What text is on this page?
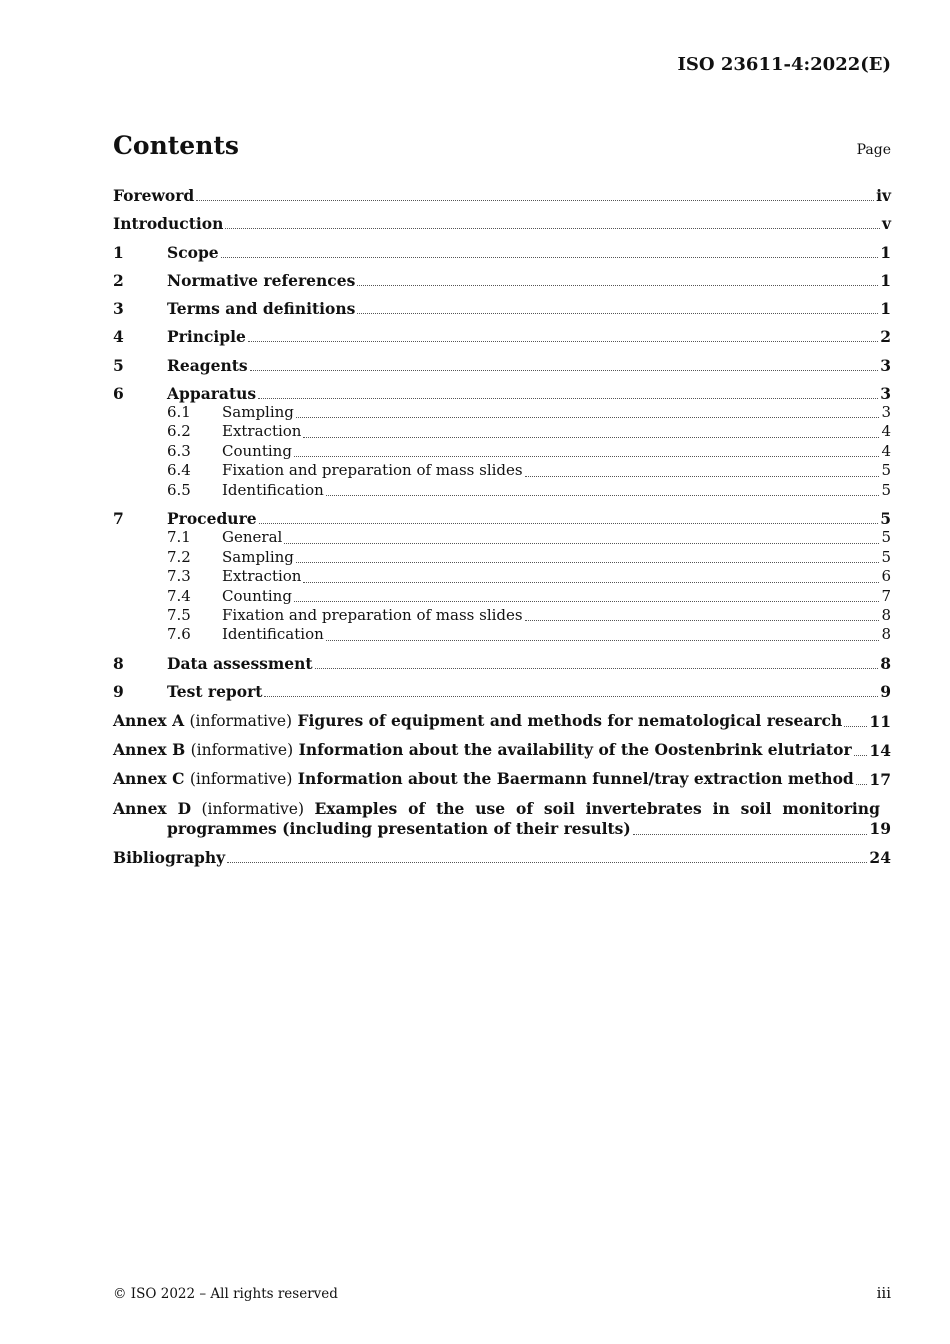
ISO 23611-4:2022(E)
Contents	Page
Foreword	iv
Introduction	v
1	Scope	1
2	Normative references	1
3	Terms and definitions	1
4	Principle	2
5	Reagents	3
6	Apparatus	3
6.1	Sampling	3
6.2	Extraction	4
6.3	Counting	4
6.4	Fixation and preparation of mass slides	5
6.5	Identification	5
7	Procedure	5
7.1	General	5
7.2	Sampling	5
7.3	Extraction	6
7.4	Counting	7
7.5	Fixation and preparation of mass slides	8
7.6	Identification	8
8	Data assessment	8
9	Test report	9
Annex A (informative) Figures of equipment and methods for nematological research 11
Annex B (informative) Information about the availability of the Oostenbrink elutriator 14
Annex C (informative) Information about the Baermann funnel/tray extraction method 17
Annex D (informative) Examples of the use of soil invertebrates in soil monitoring
programmes (including presentation of their results)	19
Bibliography	24
© ISO 2022 – All rights reserved	iii
